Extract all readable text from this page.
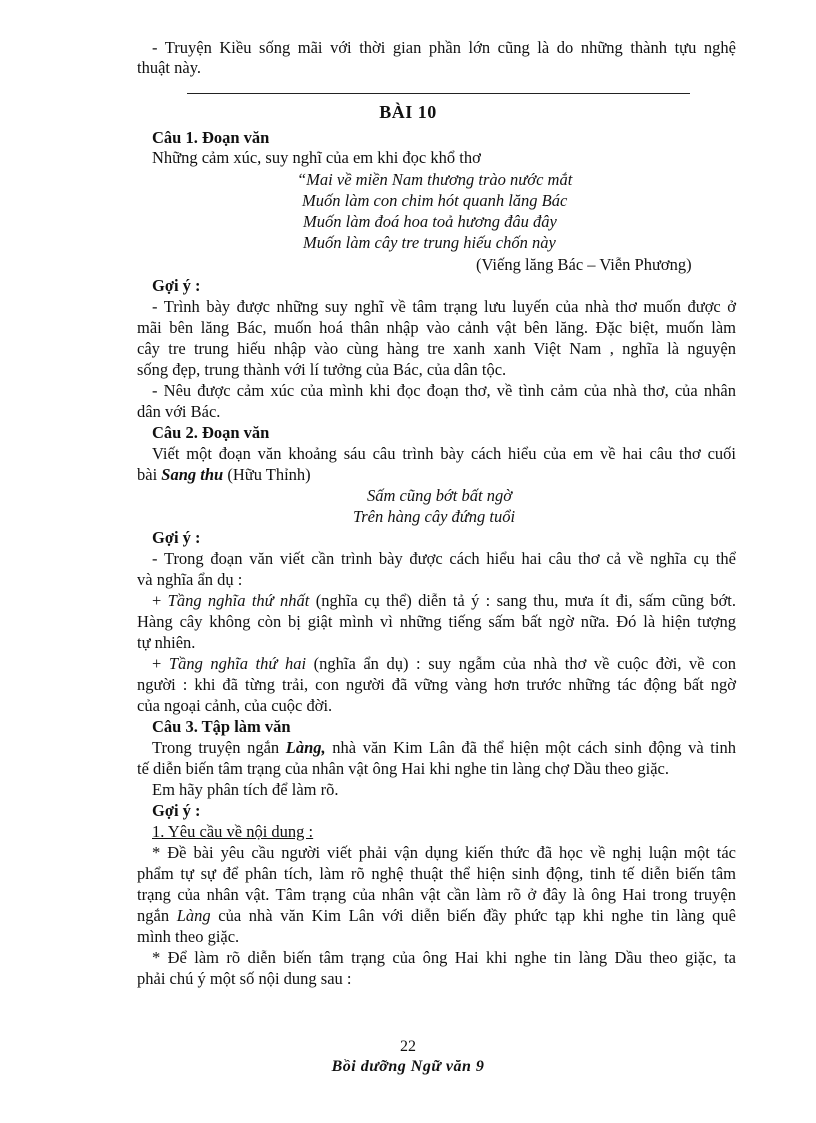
- Truyện Kiều sống mãi với thời gian phần lớn cũng là do những thành tựu nghệ
thuật này.
BÀI 10
Câu 1. Đoạn văn
Những cảm xúc, suy nghĩ của em khi đọc khổ thơ
“Mai về miền Nam thương trào nước mắt
Muốn làm con chim hót quanh lăng Bác
Muốn làm đoá hoa toả hương đâu đây
Muốn làm cây tre trung hiếu chốn này
(Viếng lăng Bác – Viễn Phương)
Gợi ý :
- Trình bày được những suy nghĩ về tâm trạng lưu luyến của nhà thơ muốn được ở
mãi bên lăng Bác, muốn hoá thân nhập vào cảnh vật bên lăng. Đặc biệt, muốn làm
cây tre trung hiếu nhập vào cùng hàng tre xanh xanh Việt Nam , nghĩa là nguyện
sống đẹp, trung thành với lí tưởng của Bác, của dân tộc.
- Nêu được cảm xúc của mình khi đọc đoạn thơ, về tình cảm của nhà thơ, của nhân
dân với Bác.
Câu 2. Đoạn văn
Viết một đoạn văn khoảng sáu câu trình bày cách hiểu của em về hai câu thơ cuối
bài Sang thu (Hữu Thỉnh)
Sấm cũng bớt bất ngờ
Trên hàng cây đứng tuổi
Gợi ý :
- Trong đoạn văn viết cần trình bày được cách hiểu hai câu thơ cả về nghĩa cụ thể
và nghĩa ẩn dụ :
+ Tầng nghĩa thứ nhất (nghĩa cụ thể) diễn tả ý : sang thu, mưa ít đi, sấm cũng bớt.
Hàng cây không còn bị giật mình vì những tiếng sấm bất ngờ nữa. Đó là hiện tượng
tự nhiên.
+ Tầng nghĩa thứ hai (nghĩa ẩn dụ) : suy ngẫm của nhà thơ về cuộc đời, về con
người : khi đã từng trải, con người đã vững vàng hơn trước những tác động bất ngờ
của ngoại cảnh, của cuộc đời.
Câu 3. Tập làm văn
Trong truyện ngắn Làng, nhà văn Kim Lân đã thể hiện một cách sinh động và tinh
tế diễn biến tâm trạng của nhân vật ông Hai khi nghe tin làng chợ Dầu theo giặc.
Em hãy phân tích để làm rõ.
Gợi ý :
1. Yêu cầu về nội dung :
* Đề bài yêu cầu người viết phải vận dụng kiến thức đã học về nghị luận một tác
phẩm tự sự để phân tích, làm rõ nghệ thuật thể hiện sinh động, tinh tế diễn biến tâm
trạng của nhân vật. Tâm trạng của nhân vật cần làm rõ ở đây là ông Hai trong truyện
ngắn Làng của nhà văn Kim Lân với diễn biến đầy phức tạp khi nghe tin làng quê
mình theo giặc.
* Để làm rõ diễn biến tâm trạng của ông Hai khi nghe tin làng Dầu theo giặc, ta
phải chú ý một số nội dung sau :
22
Bồi dưỡng Ngữ văn 9
